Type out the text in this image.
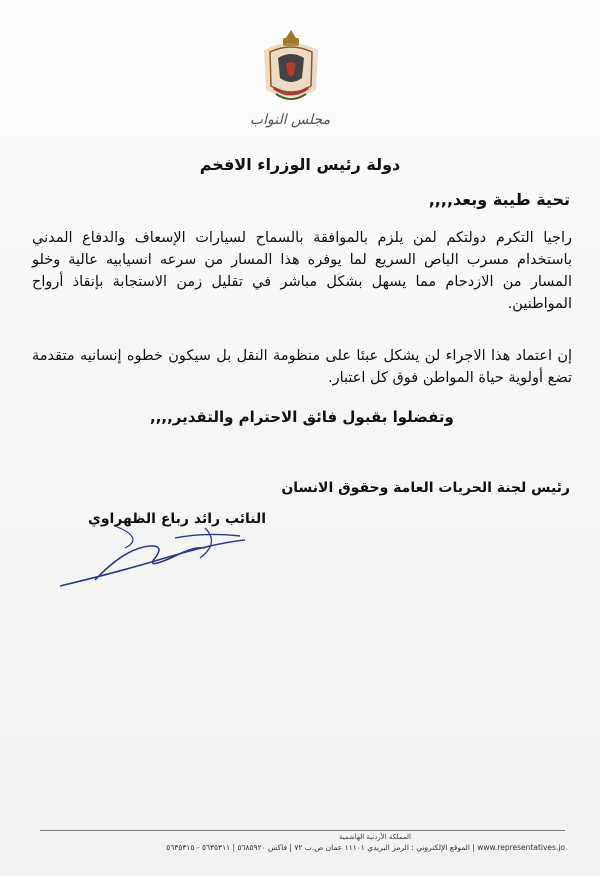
مجلس النواب
دولة رئيس الوزراء الافخم
تحية طيبة وبعد,,,,
راجيا التكرم دولتكم لمن يلزم بالموافقة بالسماح لسيارات الإسعاف والدفاع المدني باستخدام مسرب الباص السريع لما يوفره هذا المسار من سرعه انسيابيه عالية وخلو المسار من الازدحام مما يسهل بشكل مباشر في تقليل زمن الاستجابة بإنقاذ أرواح المواطنين.
إن اعتماد هذا الاجراء لن يشكل عبئا على منظومة النقل بل سيكون خطوه إنسانيه متقدمة تضع أولوية حياة المواطن فوق كل اعتبار.
وتفضلوا بقبول فائق الاحترام والتقدير,,,,
رئيس لجنة الحريات العامة وحقوق الانسان
النائب رائد رباع الظهراوي
المملكة الأردنية الهاشمية
www.representatives.jo | الموقع الإلكتروني : الرمز البريدي ١١١٠١ عمان ص.ب ٧٢ | فاكس ٥٦٨٥٩٢٠ | ٥٦٣٥٣١١ - ٥٦٣٥٣١٥
